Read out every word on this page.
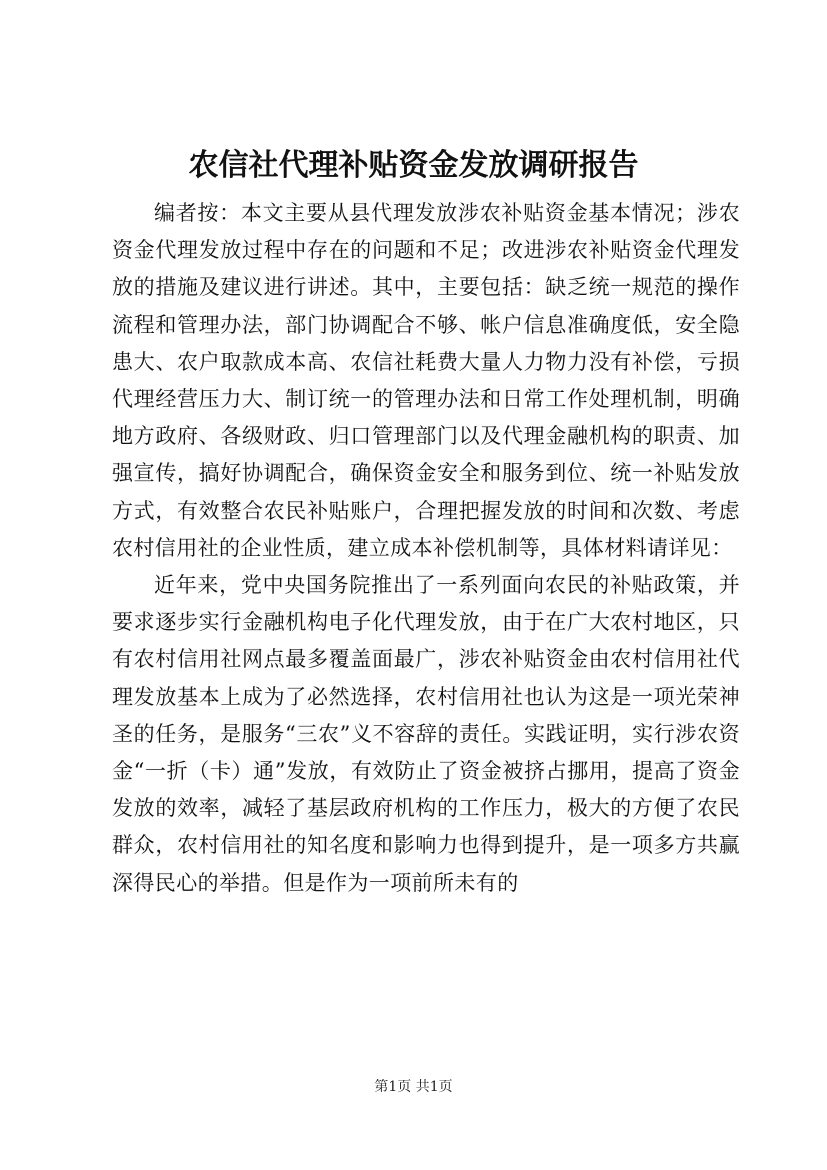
农信社代理补贴资金发放调研报告

编者按：本文主要从县代理发放涉农补贴资金基本情况；涉农资金代理发放过程中存在的问题和不足；改进涉农补贴资金代理发放的措施及建议进行讲述。其中，主要包括：缺乏统一规范的操作流程和管理办法，部门协调配合不够、帐户信息准确度低，安全隐患大、农户取款成本高、农信社耗费大量人力物力没有补偿，亏损代理经营压力大、制订统一的管理办法和日常工作处理机制，明确地方政府、各级财政、归口管理部门以及代理金融机构的职责、加强宣传，搞好协调配合，确保资金安全和服务到位、统一补贴发放方式，有效整合农民补贴账户，合理把握发放的时间和次数、考虑农村信用社的企业性质，建立成本补偿机制等，具体材料请详见：

近年来，党中央国务院推出了一系列面向农民的补贴政策，并要求逐步实行金融机构电子化代理发放，由于在广大农村地区，只有农村信用社网点最多覆盖面最广，涉农补贴资金由农村信用社代理发放基本上成为了必然选择，农村信用社也认为这是一项光荣神圣的任务，是服务“三农”义不容辞的责任。实践证明，实行涉农资金“一折（卡）通”发放，有效防止了资金被挤占挪用，提高了资金发放的效率，减轻了基层政府机构的工作压力，极大的方便了农民群众，农村信用社的知名度和影响力也得到提升，是一项多方共赢深得民心的举措。但是作为一项前所未有的

第1页 共1页
